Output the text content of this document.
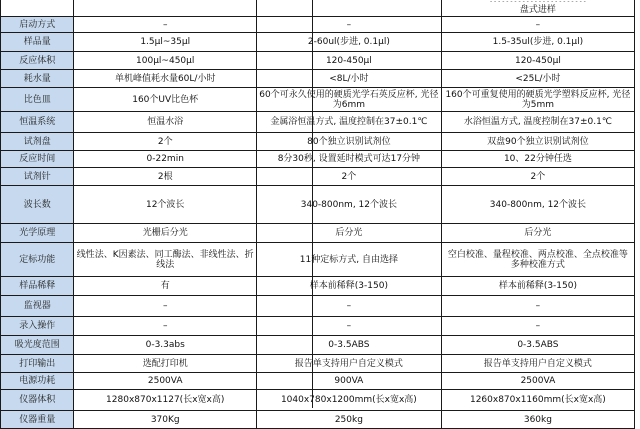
			- - - - - - - - - - - - - - - - - - - - - - - -
盘式进样

启动方式	–	–	–
样品量	1.5μl~35μl	2-60ul(步进, 0.1μl)	1.5-35ul(步进, 0.1μl)
反应体积	100μl~450μl	120-450μl	120-450μl
耗水量	单机峰值耗水量60L/小时	<8L/小时	<25L/小时
比色皿	160个UV比色杯	60个可永久使用的硬质光学石英反应杯, 光径为6mm	160个可重复使用的硬质光学塑料反应杯, 光径为5mm
恒温系统	恒温水浴	金属浴恒温方式, 温度控制在37±0.1℃	水浴恒温方式, 温度控制在37±0.1℃
试剂盘	2个	80个独立识别试剂位	双盘90个独立识别试剂位
反应时间	0-22min	8分30秒, 设置延时模式可达17分钟	10、22分钟任选
试剂针	2根	2个	2个
波长数	12个波长	340-800nm, 12个波长	340-800nm, 12个波长
光学原理	光栅后分光	后分光	后分光
定标功能	线性法、K因素法、同工酶法、非线性法、折线法	11种定标方式, 自由选择	空白校准、量程校准、两点校准、全点校准等多种校准方式
样品稀释	有	样本前稀释(3-150)	样本前稀释(3-150)
监视器	–	–	–
录入操作	–	–	–
吸光度范围	0-3.3abs	0-3.5ABS	0-3.5ABS
打印输出	选配打印机	报告单支持用户自定义模式	报告单支持用户自定义模式
电源功耗	2500VA	900VA	2500VA
仪器体积	1280x870x1127(长x宽x高)	1040x780x1200mm(长x宽x高)	1260x870x1160mm(长x宽x高)
仪器重量	370Kg	250kg	360kg
